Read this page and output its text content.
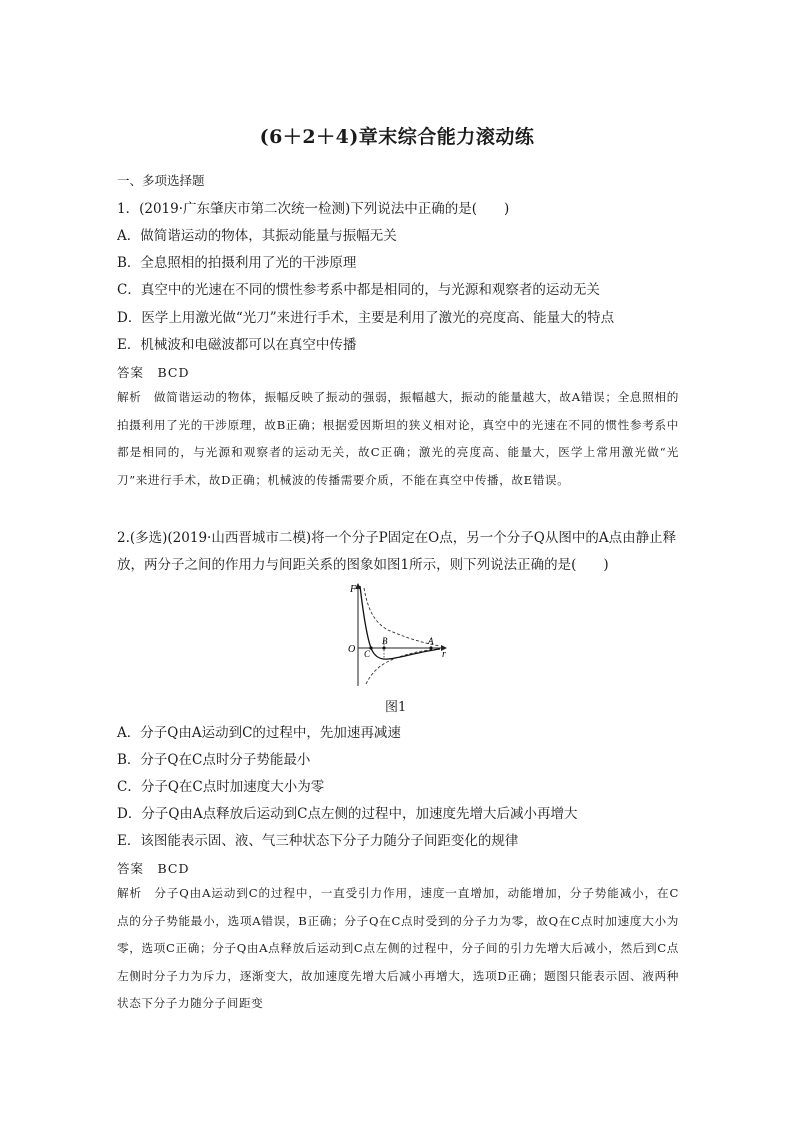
(6＋2＋4)章末综合能力滚动练
一、多项选择题
1．(2019·广东肇庆市第二次统一检测)下列说法中正确的是(　　)
A．做简谐运动的物体，其振动能量与振幅无关
B．全息照相的拍摄利用了光的干涉原理
C．真空中的光速在不同的惯性参考系中都是相同的，与光源和观察者的运动无关
D．医学上用激光做“光刀”来进行手术，主要是利用了激光的亮度高、能量大的特点
E．机械波和电磁波都可以在真空中传播
答案　BCD
解析　做简谐运动的物体，振幅反映了振动的强弱，振幅越大，振动的能量越大，故A错误；全息照相的拍摄利用了光的干涉原理，故B正确；根据爱因斯坦的狭义相对论，真空中的光速在不同的惯性参考系中都是相同的，与光源和观察者的运动无关，故C正确；激光的亮度高、能量大，医学上常用激光做“光刀”来进行手术，故D正确；机械波的传播需要介质，不能在真空中传播，故E错误。
2.(多选)(2019·山西晋城市二模)将一个分子P固定在O点，另一个分子Q从图中的A点由静止释放，两分子之间的作用力与间距关系的图象如图1所示，则下列说法正确的是(　　)
F
O	r
A
B
C
图1
A．分子Q由A运动到C的过程中，先加速再减速
B．分子Q在C点时分子势能最小
C．分子Q在C点时加速度大小为零
D．分子Q由A点释放后运动到C点左侧的过程中，加速度先增大后减小再增大
E．该图能表示固、液、气三种状态下分子力随分子间距变化的规律
答案　BCD
解析　分子Q由A运动到C的过程中，一直受引力作用，速度一直增加，动能增加，分子势能减小，在C点的分子势能最小，选项A错误，B正确；分子Q在C点时受到的分子力为零，故Q在C点时加速度大小为零，选项C正确；分子Q由A点释放后运动到C点左侧的过程中，分子间的引力先增大后减小，然后到C点左侧时分子力为斥力，逐渐变大，故加速度先增大后减小再增大，选项D正确；题图只能表示固、液两种状态下分子力随分子间距变
